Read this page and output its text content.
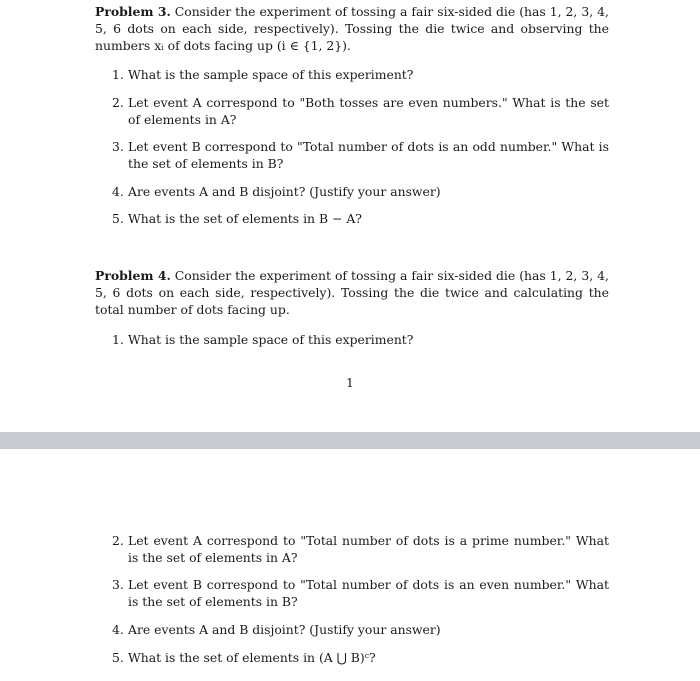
Problem 3. Consider the experiment of tossing a fair six-sided die (has 1, 2, 3, 4, 5, 6 dots on each side, respectively). Tossing the die twice and observing the numbers xᵢ of dots facing up (i ∈ {1, 2}).
1. What is the sample space of this experiment?
2. Let event A correspond to "Both tosses are even numbers." What is the set of elements in A?
3. Let event B correspond to "Total number of dots is an odd number." What is the set of elements in B?
4. Are events A and B disjoint? (Justify your answer)
5. What is the set of elements in B − A?
Problem 4. Consider the experiment of tossing a fair six-sided die (has 1, 2, 3, 4, 5, 6 dots on each side, respectively). Tossing the die twice and calculating the total number of dots facing up.
1. What is the sample space of this experiment?
1
2. Let event A correspond to "Total number of dots is a prime number." What is the set of elements in A?
3. Let event B correspond to "Total number of dots is an even number." What is the set of elements in B?
4. Are events A and B disjoint? (Justify your answer)
5. What is the set of elements in (A ⋃ B)ᶜ?
